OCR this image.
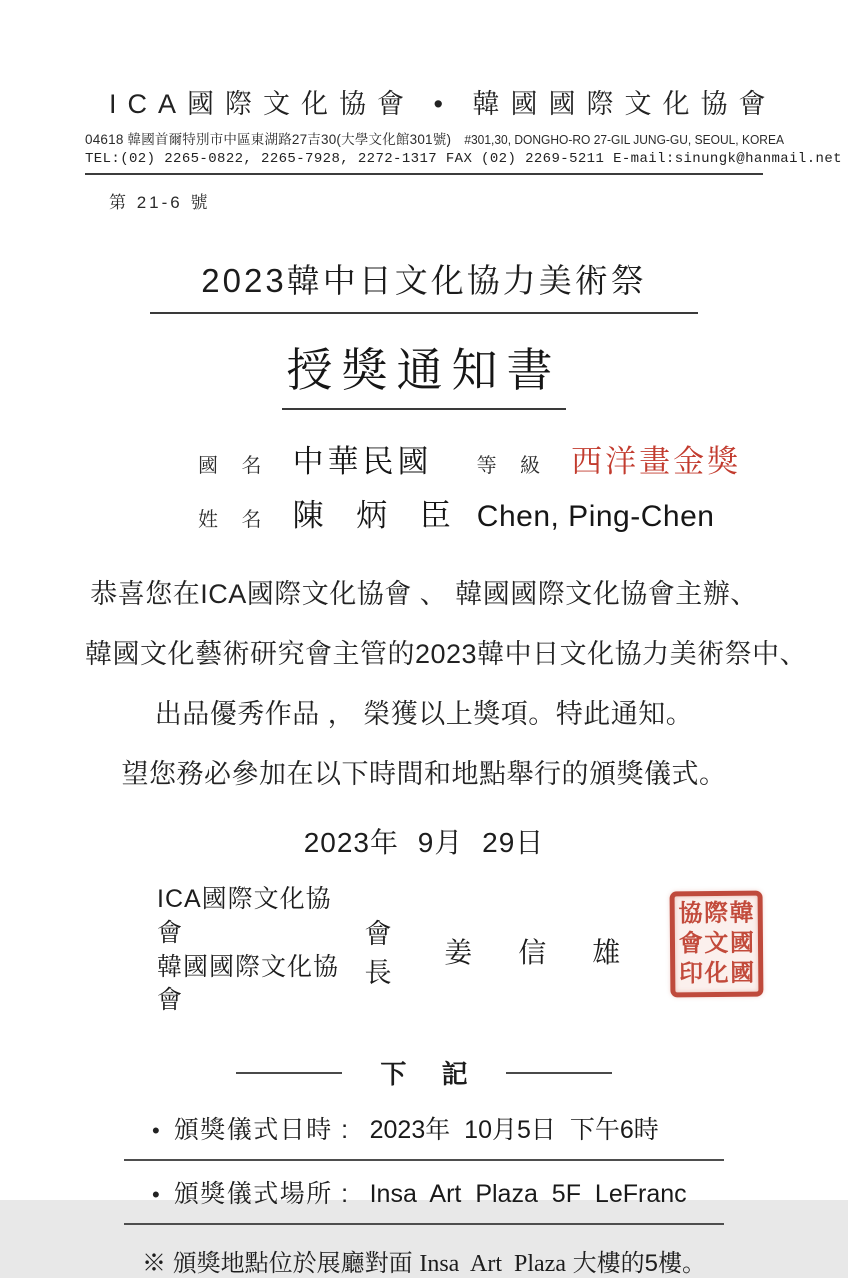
ICA國際文化協會 • 韓國國際文化協會
04618 韓國首爾特別市中區東湖路27吉30(大學文化館301號) #301,30, DONGHO-RO 27-GIL JUNG-GU, SEOUL, KOREA
TEL:(02) 2265-0822, 2265-7928, 2272-1317 FAX (02) 2269-5211 E-mail:sinungk@hanmail.net
第 21-6 號
2023韓中日文化協力美術祭
授獎通知書
國 名 中華民國 等 級 西洋畫金獎
姓 名 陳 炳 臣 Chen, Ping-Chen
恭喜您在ICA國際文化協會 、 韓國國際文化協會主辦、
韓國文化藝術研究會主管的2023韓中日文化協力美術祭中、
出品優秀作品 ， 榮獲以上獎項。特此通知。
望您務必參加在以下時間和地點舉行的頒獎儀式。
2023年 9月 29日
ICA國際文化協會
韓國國際文化協會
會長
姜 信 雄
協 際 韓
會 文 國
印 化 國
下 記
• 頒獎儀式日時 : 2023年 10月5日 下午6時
• 頒獎儀式場所 : Insa Art Plaza 5F LeFranc
※ 頒獎地點位於展廳對面 Insa Art Plaza 大樓的5樓。
